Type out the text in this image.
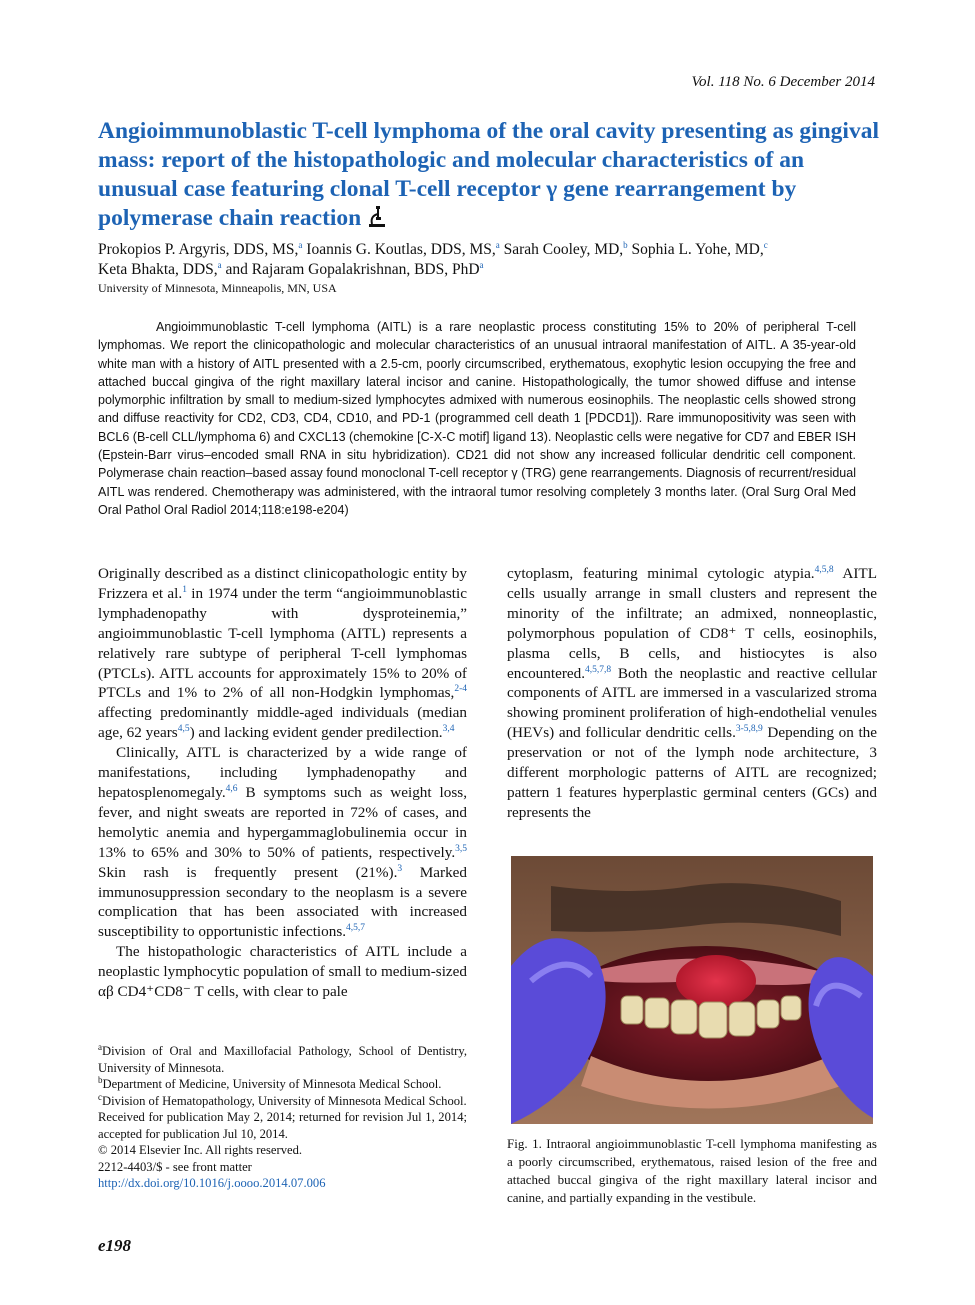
Vol. 118 No. 6 December 2014
Angioimmunoblastic T-cell lymphoma of the oral cavity presenting as gingival mass: report of the histopathologic and molecular characteristics of an unusual case featuring clonal T-cell receptor γ gene rearrangement by polymerase chain reaction
Prokopios P. Argyris, DDS, MS,$^a$ Ioannis G. Koutlas, DDS, MS,$^a$ Sarah Cooley, MD,$^b$ Sophia L. Yohe, MD,$^c$
Keta Bhakta, DDS,$^a$ and Rajaram Gopalakrishnan, BDS, PhD$^a$
University of Minnesota, Minneapolis, MN, USA
Angioimmunoblastic T-cell lymphoma (AITL) is a rare neoplastic process constituting 15% to 20% of peripheral T-cell lymphomas. We report the clinicopathologic and molecular characteristics of an unusual intraoral manifestation of AITL. A 35-year-old white man with a history of AITL presented with a 2.5-cm, poorly circumscribed, erythematous, exophytic lesion occupying the free and attached buccal gingiva of the right maxillary lateral incisor and canine. Histopathologically, the tumor showed diffuse and intense polymorphic infiltration by small to medium-sized lymphocytes admixed with numerous eosinophils. The neoplastic cells showed strong and diffuse reactivity for CD2, CD3, CD4, CD10, and PD-1 (programmed cell death 1 [PDCD1]). Rare immunopositivity was seen with BCL6 (B-cell CLL/lymphoma 6) and CXCL13 (chemokine [C-X-C motif] ligand 13). Neoplastic cells were negative for CD7 and EBER ISH (Epstein-Barr virus–encoded small RNA in situ hybridization). CD21 did not show any increased follicular dendritic cell component. Polymerase chain reaction–based assay found monoclonal T-cell receptor γ (TRG) gene rearrangements. Diagnosis of recurrent/residual AITL was rendered. Chemotherapy was administered, with the intraoral tumor resolving completely 3 months later. (Oral Surg Oral Med Oral Pathol Oral Radiol 2014;118:e198-e204)

Originally described as a distinct clinicopathologic entity by Frizzera et al.$^1$ in 1974 under the term “angioimmunoblastic lymphadenopathy with dysproteinemia,” angioimmunoblastic T-cell lymphoma (AITL) represents a relatively rare subtype of peripheral T-cell lymphomas (PTCLs). AITL accounts for approximately 15% to 20% of PTCLs and 1% to 2% of all non-Hodgkin lymphomas,$^{2-4}$ affecting predominantly middle-aged individuals (median age, 62 years$^{4,5}$) and lacking evident gender predilection.$^{3,4}$

Clinically, AITL is characterized by a wide range of manifestations, including lymphadenopathy and hepatosplenomegaly.$^{4,6}$ B symptoms such as weight loss, fever, and night sweats are reported in 72% of cases, and hemolytic anemia and hypergammaglobulinemia occur in 13% to 65% and 30% to 50% of patients, respectively.$^{3,5}$ Skin rash is frequently present (21%).$^3$ Marked immunosuppression secondary to the neoplasm is a severe complication that has been associated with increased susceptibility to opportunistic infections.$^{4,5,7}$

The histopathologic characteristics of AITL include a neoplastic lymphocytic population of small to medium-sized αβ CD4⁺CD8⁻ T cells, with clear to pale

cytoplasm, featuring minimal cytologic atypia.$^{4,5,8}$ AITL cells usually arrange in small clusters and represent the minority of the infiltrate; an admixed, nonneoplastic, polymorphous population of CD8⁺ T cells, eosinophils, plasma cells, B cells, and histiocytes is also encountered.$^{4,5,7,8}$ Both the neoplastic and reactive cellular components of AITL are immersed in a vascularized stroma showing prominent proliferation of high-endothelial venules (HEVs) and follicular dendritic cells.$^{3-5,8,9}$ Depending on the preservation or not of the lymph node architecture, 3 different morphologic patterns of AITL are recognized; pattern 1 features hyperplastic germinal centers (GCs) and represents the

Fig. 1. Intraoral angioimmunoblastic T-cell lymphoma manifesting as a poorly circumscribed, erythematous, raised lesion of the free and attached buccal gingiva of the right maxillary lateral incisor and canine, and partially expanding in the vestibule.

$^a$Division of Oral and Maxillofacial Pathology, School of Dentistry, University of Minnesota.

$^b$Department of Medicine, University of Minnesota Medical School.

$^c$Division of Hematopathology, University of Minnesota Medical School.

Received for publication May 2, 2014; returned for revision Jul 1, 2014; accepted for publication Jul 10, 2014.

© 2014 Elsevier Inc. All rights reserved.

2212-4403/$ - see front matter

http://dx.doi.org/10.1016/j.oooo.2014.07.006

e198
